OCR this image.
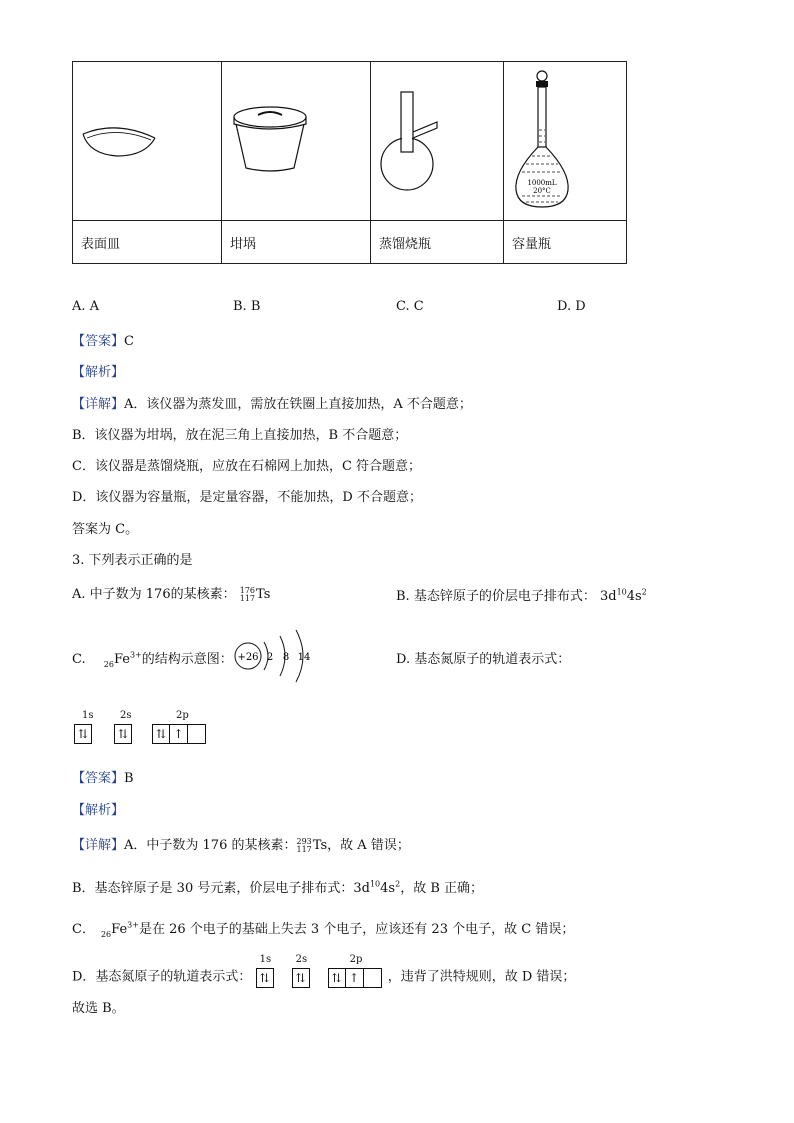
1000mL
20°C

表面皿	坩埚	蒸馏烧瓶	容量瓶
A. A	B. B	C. C	D. D
【答案】C
【解析】
【详解】A．该仪器为蒸发皿，需放在铁圈上直接加热，A 不合题意；
B．该仪器为坩埚，放在泥三角上直接加热，B 不合题意；
C．该仪器是蒸馏烧瓶，应放在石棉网上加热，C 符合题意；
D．该仪器为容量瓶，是定量容器，不能加热，D 不合题意；
答案为 C。
3. 下列表示正确的是
A. 中子数为 176的某核素： 176
117 Ts	B. 基态锌原子的价层电子排布式： $3d^{10}4s^2$
C. $_{26}Fe^{3+}$的结构示意图： +26 2 8 14	D. 基态氮原子的轨道表示式：
1s	2s	2p
⇅	⇅	⇅ ↑
【答案】B
【解析】
【详解】A．中子数为 176 的某核素： 293
117 Ts，故 A 错误；
B．基态锌原子是 30 号元素，价层电子排布式：$3d^{10}4s^2$，故 B 正确；
C． $_{26}Fe^{3+}$是在 26 个电子的基础上失去 3 个电子，应该还有 23 个电子，故 C 错误；
D．基态氮原子的轨道表示式：
1s 2s	2p
⇅	⇅	⇅ ↑	，违背了洪特规则，故 D 错误；
故选 B。
